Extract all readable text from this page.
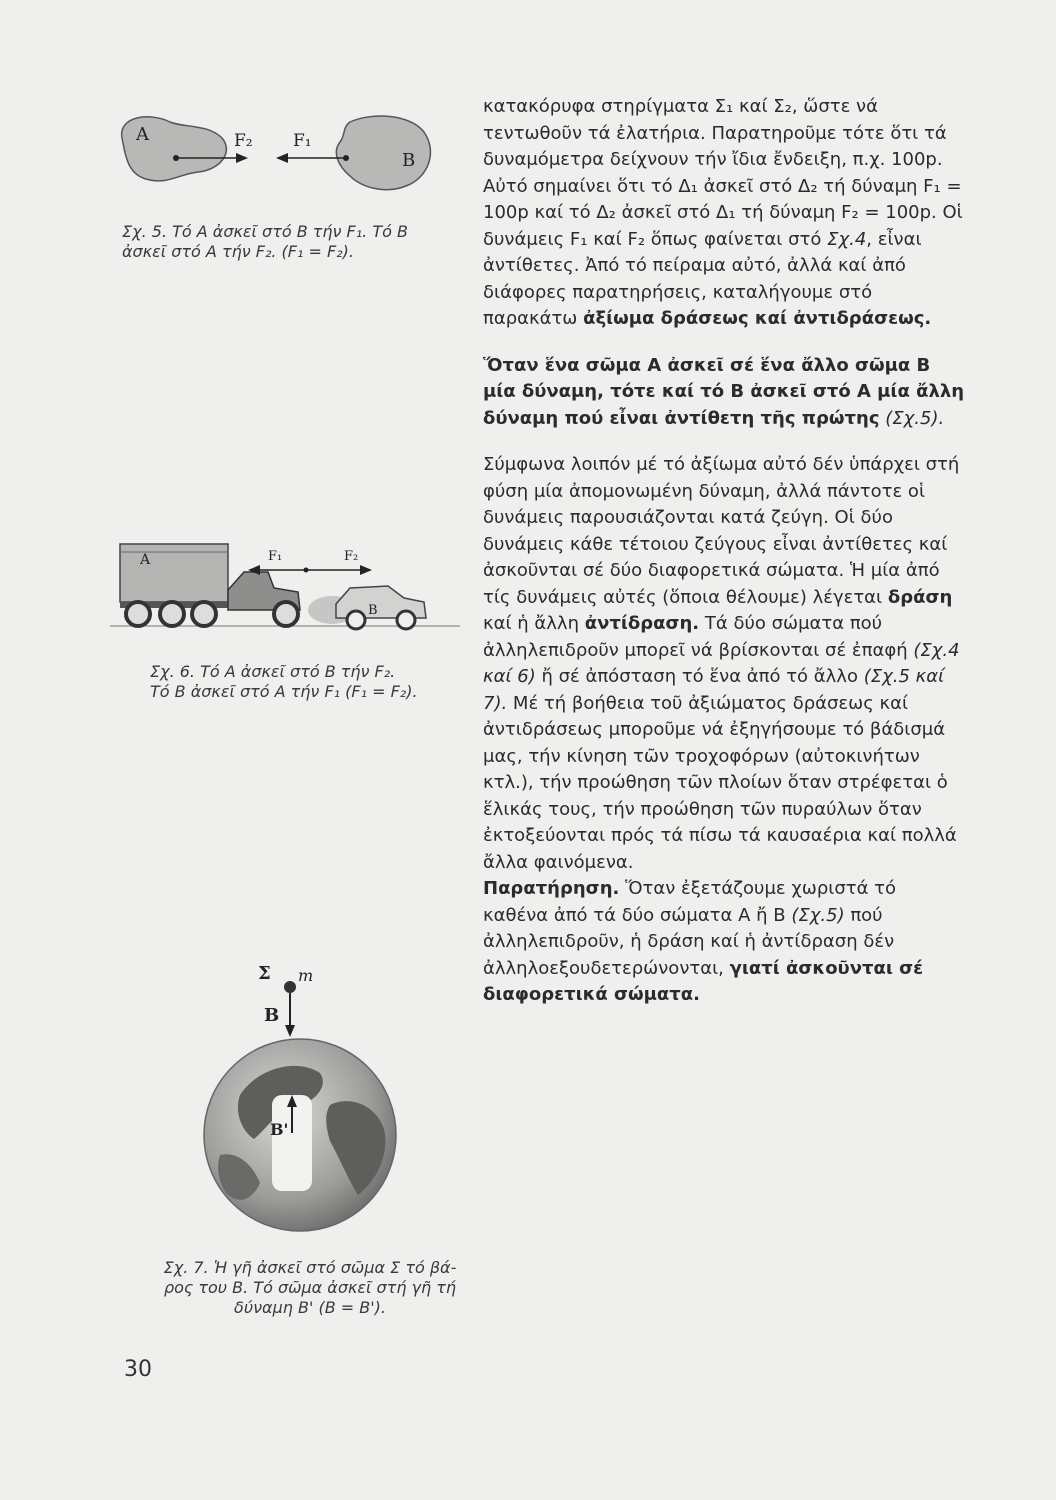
A
B
F₂ F₁
Σχ. 5. Τό Α ἀσκεῖ στό Β τήν F₁. Τό Β
ἀσκεῖ στό Α τήν F₂. (F₁ = F₂).
A
B
F₁	F₂
Σχ. 6. Τό Α ἀσκεῖ στό Β τήν F₂.
Τό Β ἀσκεῖ στό Α τήν F₁ (F₁ = F₂).
Σ m
B
B'
Σχ. 7. Ἡ γῆ ἀσκεῖ στό σῶμα Σ τό βά-
ρος του Β. Τό σῶμα ἀσκεῖ στή γῆ τή
δύναμη Β' (Β = Β').

κατακόρυφα στηρίγματα Σ₁ καί Σ₂, ὥστε νά τεντωθοῦν τά ἐλατήρια. Παρατηροῦμε τότε ὅτι τά δυναμόμετρα δείχνουν τήν ἴδια ἔνδειξη, π.χ. 100p. Αὐτό σημαίνει ὅτι τό Δ₁ ἀσκεῖ στό Δ₂ τή δύναμη F₁ = 100p καί τό Δ₂ ἀσκεῖ στό Δ₁ τή δύναμη F₂ = 100p. Οἱ δυνάμεις F₁ καί F₂ ὅπως φαίνεται στό Σχ.4, εἶναι ἀντίθετες. Ἀπό τό πείραμα αὐτό, ἀλλά καί ἀπό διάφορες παρατηρήσεις, καταλήγουμε στό παρακάτω ἀξίωμα δράσεως καί ἀντιδράσεως.

Ὅταν ἕνα σῶμα Α ἀσκεῖ σέ ἕνα ἄλλο σῶμα Β μία δύναμη, τότε καί τό Β ἀσκεῖ στό Α μία ἄλλη δύναμη πού εἶναι ἀντίθετη τῆς πρώτης (Σχ.5).

Σύμφωνα λοιπόν μέ τό ἀξίωμα αὐτό δέν ὑπάρχει στή φύση μία ἀπομονωμένη δύναμη, ἀλλά πάντοτε οἱ δυνάμεις παρουσιάζονται κατά ζεύγη. Οἱ δύο δυνάμεις κάθε τέτοιου ζεύγους εἶναι ἀντίθετες καί ἀσκοῦνται σέ δύο διαφορετικά σώματα. Ἡ μία ἀπό τίς δυνάμεις αὐτές (ὅποια θέλουμε) λέγεται δράση καί ἡ ἄλλη ἀντίδραση. Τά δύο σώματα πού ἀλληλεπιδροῦν μπορεῖ νά βρίσκονται σέ ἐπαφή (Σχ.4 καί 6) ἤ σέ ἀπόσταση τό ἕνα ἀπό τό ἄλλο (Σχ.5 καί 7). Μέ τή βοήθεια τοῦ ἀξιώματος δράσεως καί ἀντιδράσεως μποροῦμε νά ἐξηγήσουμε τό βάδισμά μας, τήν κίνηση τῶν τροχοφόρων (αὐτοκινήτων κτλ.), τήν προώθηση τῶν πλοίων ὅταν στρέφεται ὁ ἕλικάς τους, τήν προώθηση τῶν πυραύλων ὅταν ἐκτοξεύονται πρός τά πίσω τά καυσαέρια καί πολλά ἄλλα φαινόμενα.

Παρατήρηση. Ὅταν ἐξετάζουμε χωριστά τό καθένα ἀπό τά δύο σώματα Α ἤ Β (Σχ.5) πού ἀλληλεπιδροῦν, ἡ δράση καί ἡ ἀντίδραση δέν ἀλληλοεξουδετερώνονται, γιατί ἀσκοῦνται σέ διαφορετικά σώματα.

30
